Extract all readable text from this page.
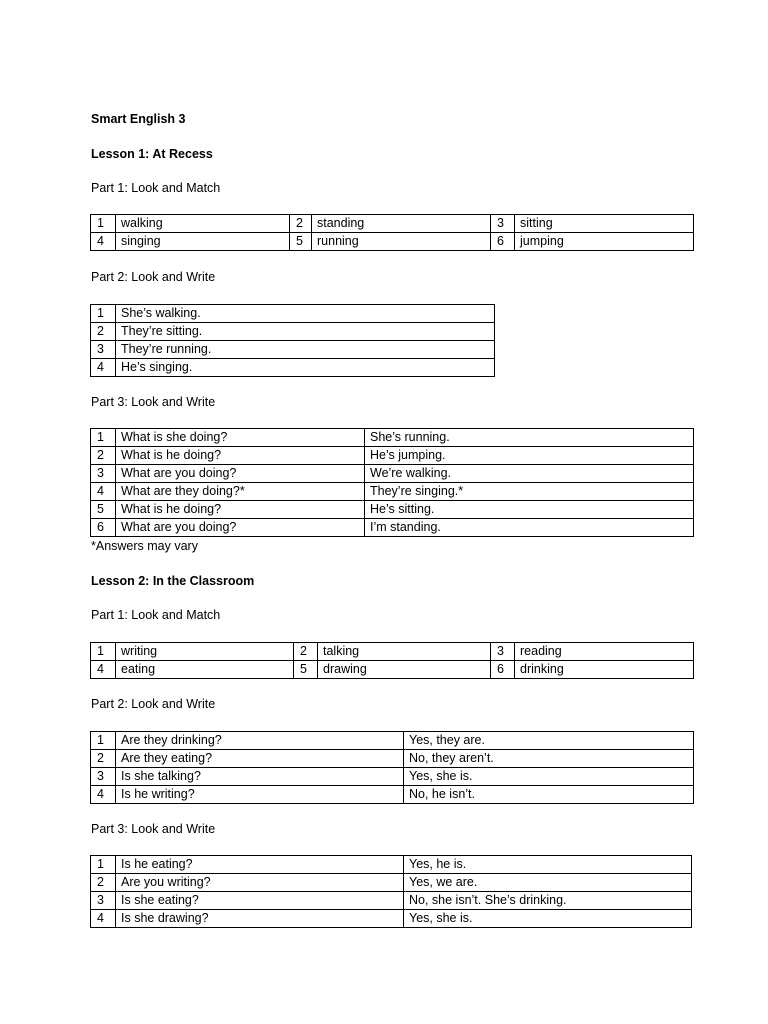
Smart English 3
Lesson 1: At Recess
Part 1: Look and Match
1	walking	2	standing	3	sitting
4	singing	5	running	6	jumping
Part 2: Look and Write
1	She’s walking.
2	They’re sitting.
3	They’re running.
4	He’s singing.
Part 3: Look and Write
1	What is she doing?	She’s running.
2	What is he doing?	He’s jumping.
3	What are you doing?	We’re walking.
4	What are they doing?*	They’re singing.*
5	What is he doing?	He’s sitting.
6	What are you doing?	I’m standing.
*Answers may vary
Lesson 2: In the Classroom
Part 1: Look and Match
1	writing	2	talking	3	reading
4	eating	5	drawing	6	drinking
Part 2: Look and Write
1	Are they drinking?	Yes, they are.
2	Are they eating?	No, they aren’t.
3	Is she talking?	Yes, she is.
4	Is he writing?	No, he isn’t.
Part 3: Look and Write
1	Is he eating?	Yes, he is.
2	Are you writing?	Yes, we are.
3	Is she eating?	No, she isn’t. She’s drinking.
4	Is she drawing?	Yes, she is.
